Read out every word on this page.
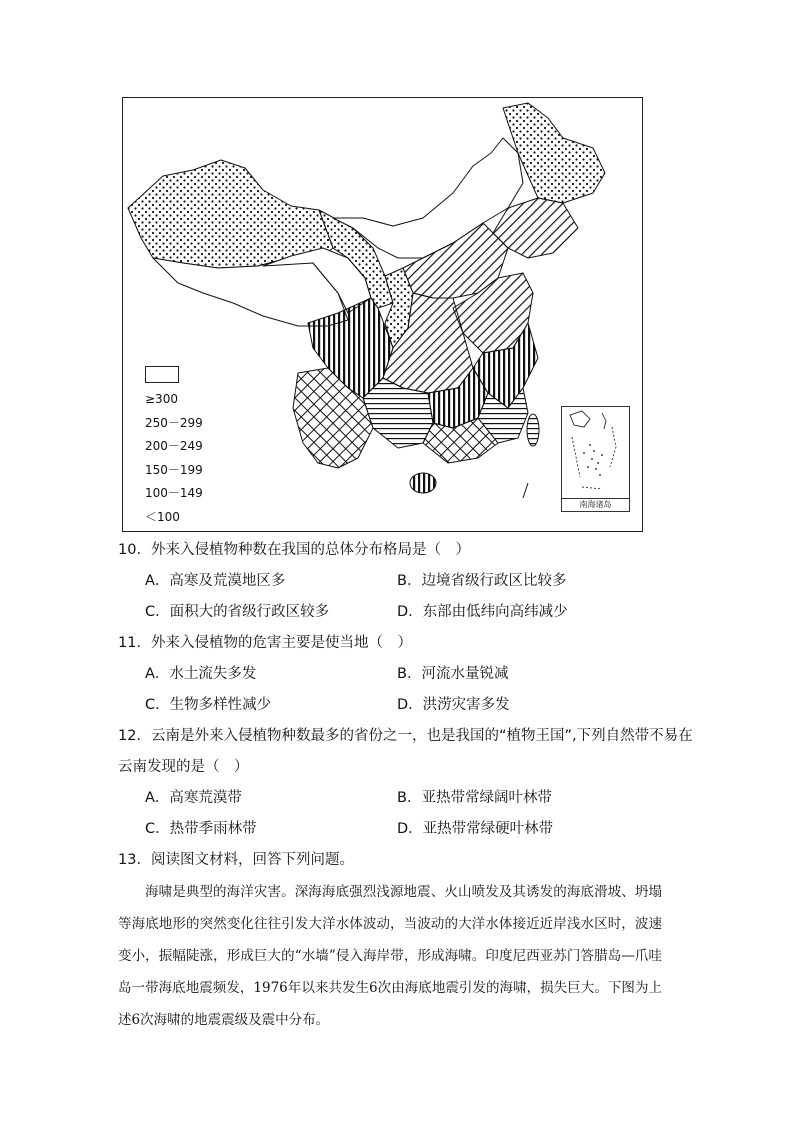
≥300
250－299
200－249
150－199
100－149
＜100
南海诸岛
10．外来入侵植物种数在我国的总体分布格局是（　）
A．高寒及荒漠地区多	B．边境省级行政区比较多
C．面积大的省级行政区较多	D．东部由低纬向高纬减少
11．外来入侵植物的危害主要是使当地（　）
A．水土流失多发	B．河流水量锐减
C．生物多样性减少	D．洪涝灾害多发
12．云南是外来入侵植物种数最多的省份之一，也是我国的“植物王国”,下列自然带不易在
云南发现的是（　）
A．高寒荒漠带	B．亚热带常绿阔叶林带
C．热带季雨林带	D．亚热带常绿硬叶林带
13．阅读图文材料，回答下列问题。
海啸是典型的海洋灾害。深海海底强烈浅源地震、火山喷发及其诱发的海底滑坡、坍塌等海底地形的突然变化往往引发大洋水体波动，当波动的大洋水体接近近岸浅水区时，波速变小，振幅陡涨，形成巨大的“水墙”侵入海岸带，形成海啸。印度尼西亚苏门答腊岛—爪哇岛一带海底地震频发，1976年以来共发生6次由海底地震引发的海啸，损失巨大。下图为上述6次海啸的地震震级及震中分布。
